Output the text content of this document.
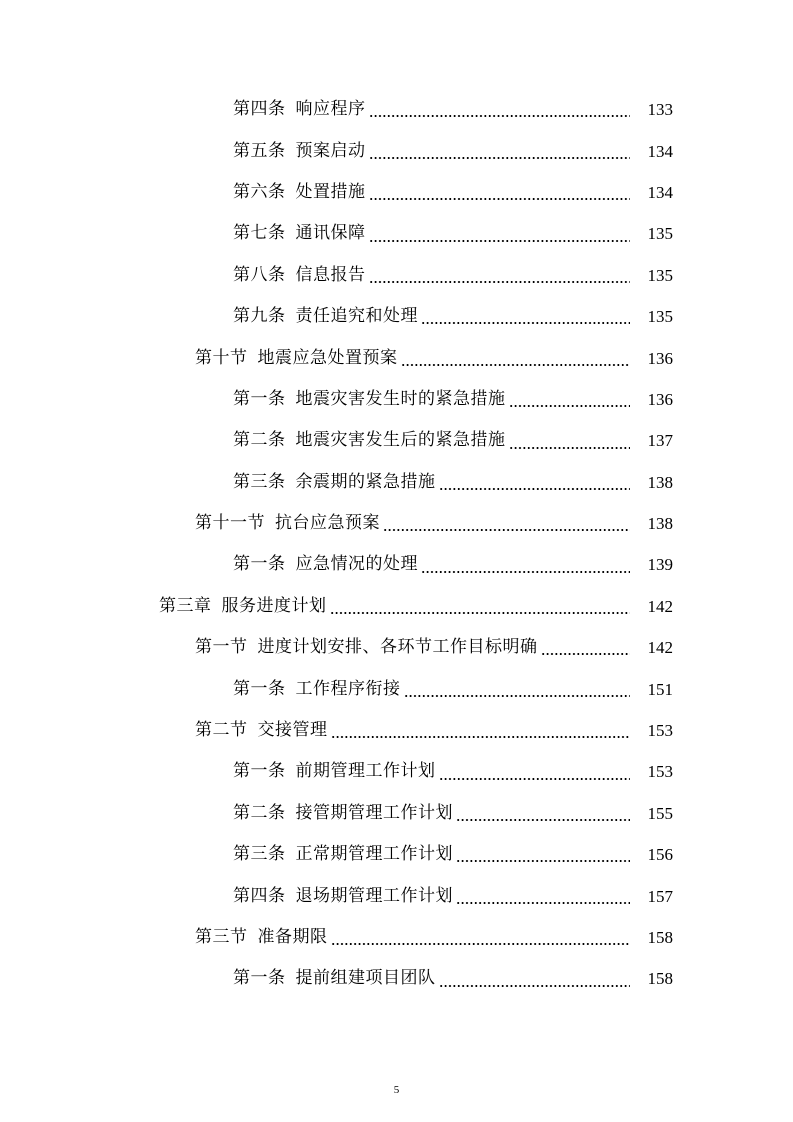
第四条 响应程序	133
第五条 预案启动	134
第六条 处置措施	134
第七条 通讯保障	135
第八条 信息报告	135
第九条 责任追究和处理	135
第十节 地震应急处置预案	136
第一条 地震灾害发生时的紧急措施	136
第二条 地震灾害发生后的紧急措施	137
第三条 余震期的紧急措施	138
第十一节 抗台应急预案	138
第一条 应急情况的处理	139
第三章 服务进度计划	142
第一节 进度计划安排、各环节工作目标明确	142
第一条 工作程序衔接	151
第二节 交接管理	153
第一条 前期管理工作计划	153
第二条 接管期管理工作计划	155
第三条 正常期管理工作计划	156
第四条 退场期管理工作计划	157
第三节 准备期限	158
第一条 提前组建项目团队	158
5
